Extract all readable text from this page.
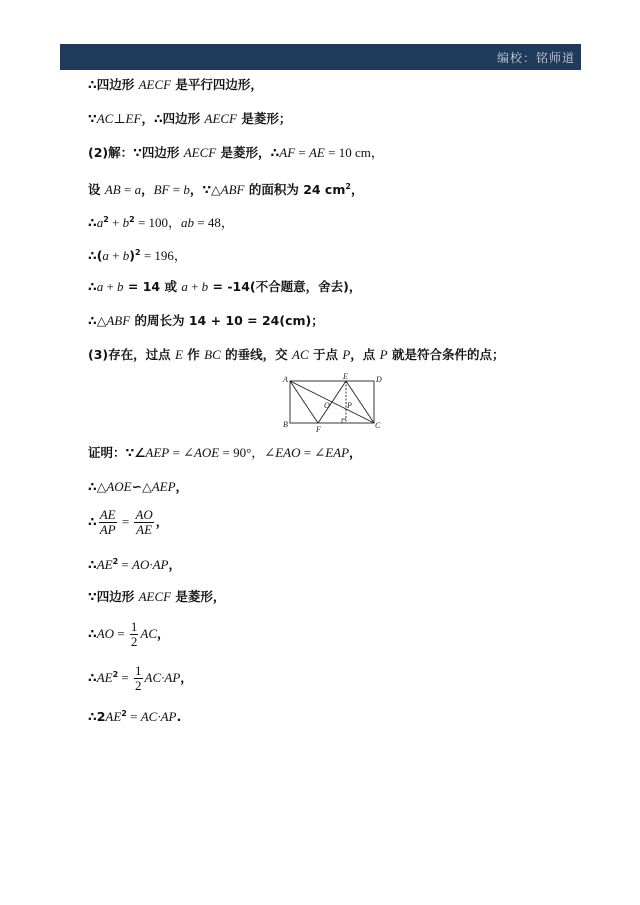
编校：铭师道
∴四边形 AECF 是平行四边形，
∵AC⊥EF，∴四边形 AECF 是菱形；
(2)解：∵四边形 AECF 是菱形，∴AF = AE = 10 cm，
设 AB = a，BF = b，∵△ABF 的面积为 24 $cm^2$，
$\therefore a^2 + b^2 = 100$，ab = 48，
∴(a + b)$^2$ = 196，
∴a + b = 14 或 a + b = ‐14(不合题意，舍去)，
∴△ABF 的周长为 14 + 10 = 24(cm)；
(3)存在，过点 E 作 BC 的垂线，交 AC 于点 P，点 P 就是符合条件的点；
A	D
E
B
F	C
O P
证明：∵∠AEP = ∠AOE = 90°，∠EAO = ∠EAP，
∴△AOE∽△AEP，
∴ $\frac{AE}{AP} = \frac{AO}{AE}$ ，
$\therefore AE^2 = AO\cdot AP$，
∵四边形 AECF 是菱形，
∴AO = $\frac{1}{2}$ AC，
$\therefore AE^2 = \frac{1}{2} AC\cdot AP$，
$\therefore 2AE^2 = AC\cdot AP$.
